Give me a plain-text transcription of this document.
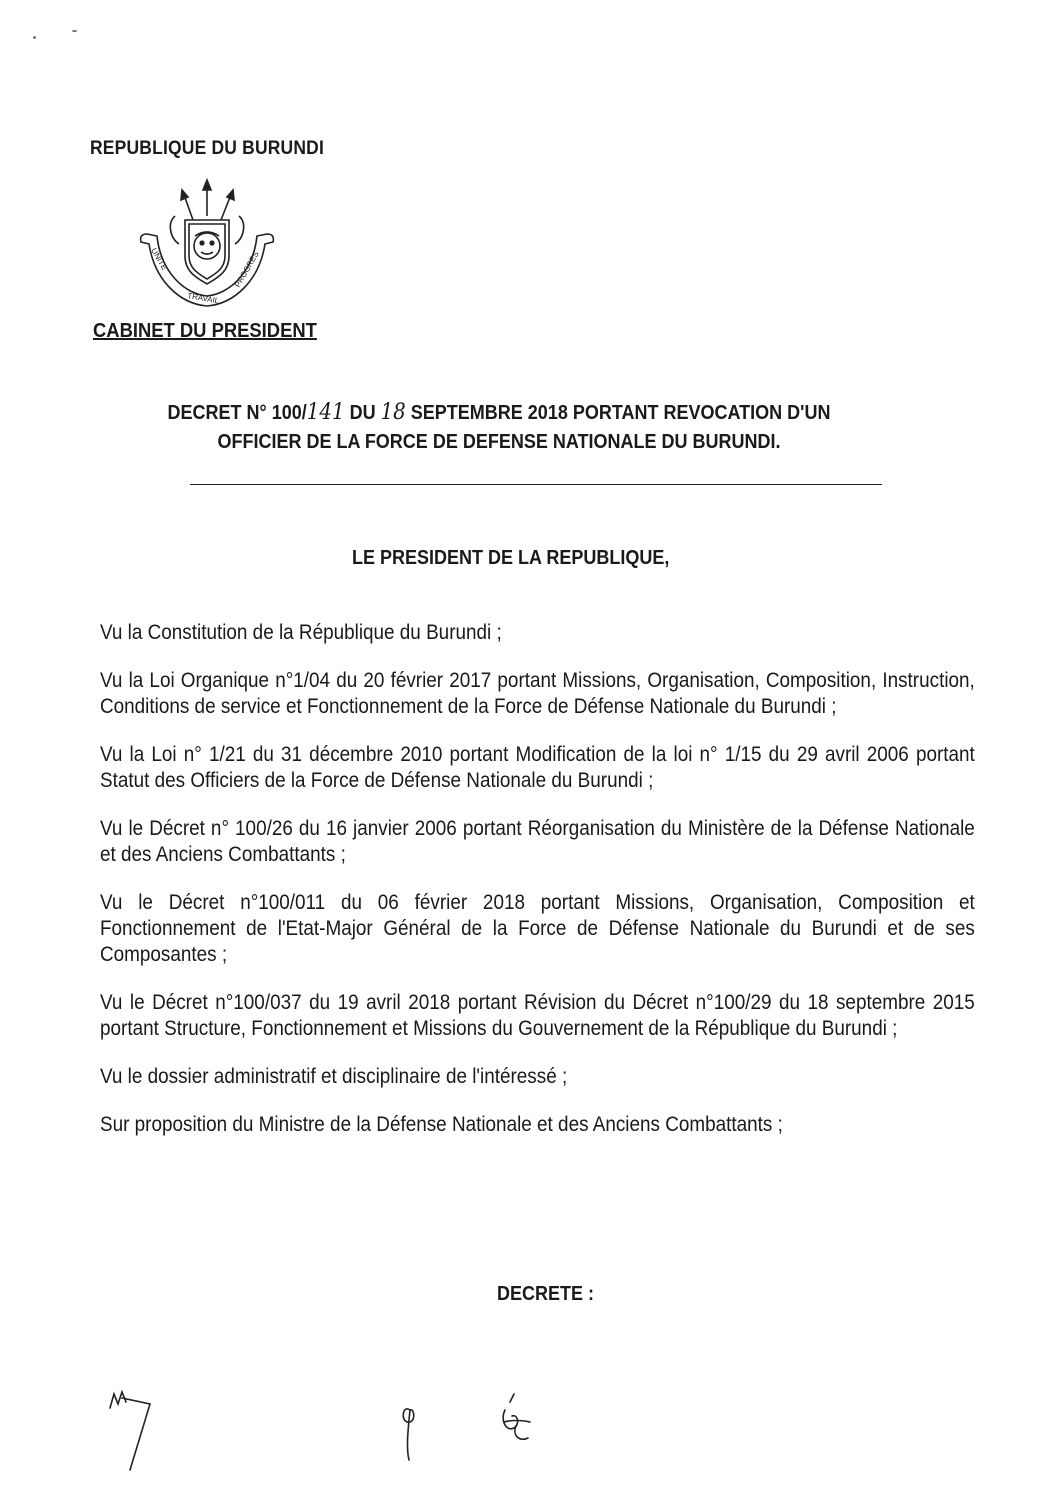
REPUBLIQUE DU BURUNDI
UNITE
TRAVAIL
PROGRES
CABINET DU PRESIDENT
DECRET N° 100/141 DU 18 SEPTEMBRE 2018 PORTANT REVOCATION D'UN
OFFICIER DE LA FORCE DE DEFENSE NATIONALE DU BURUNDI.
LE PRESIDENT DE LA REPUBLIQUE,

Vu la Constitution de la République du Burundi ;

Vu la Loi Organique n°1/04 du 20 février 2017 portant Missions, Organisation, Composition, Instruction, Conditions de service et Fonctionnement de la Force de Défense Nationale du Burundi ;

Vu la Loi n° 1/21 du 31 décembre 2010 portant Modification de la loi n° 1/15 du 29 avril 2006 portant Statut des Officiers de la Force de Défense Nationale du Burundi ;

Vu le Décret n° 100/26 du 16 janvier 2006 portant Réorganisation du Ministère de la Défense Nationale et des Anciens Combattants ;

Vu le Décret n°100/011 du 06 février 2018 portant Missions, Organisation, Composition et Fonctionnement de l'Etat-Major Général de la Force de Défense Nationale du Burundi et de ses Composantes ;

Vu le Décret n°100/037 du 19 avril 2018 portant Révision du Décret n°100/29 du 18 septembre 2015 portant Structure, Fonctionnement et Missions du Gouvernement de la République du Burundi ;

Vu le dossier administratif et disciplinaire de l'intéressé ;

Sur proposition du Ministre de la Défense Nationale et des Anciens Combattants ;

DECRETE :
